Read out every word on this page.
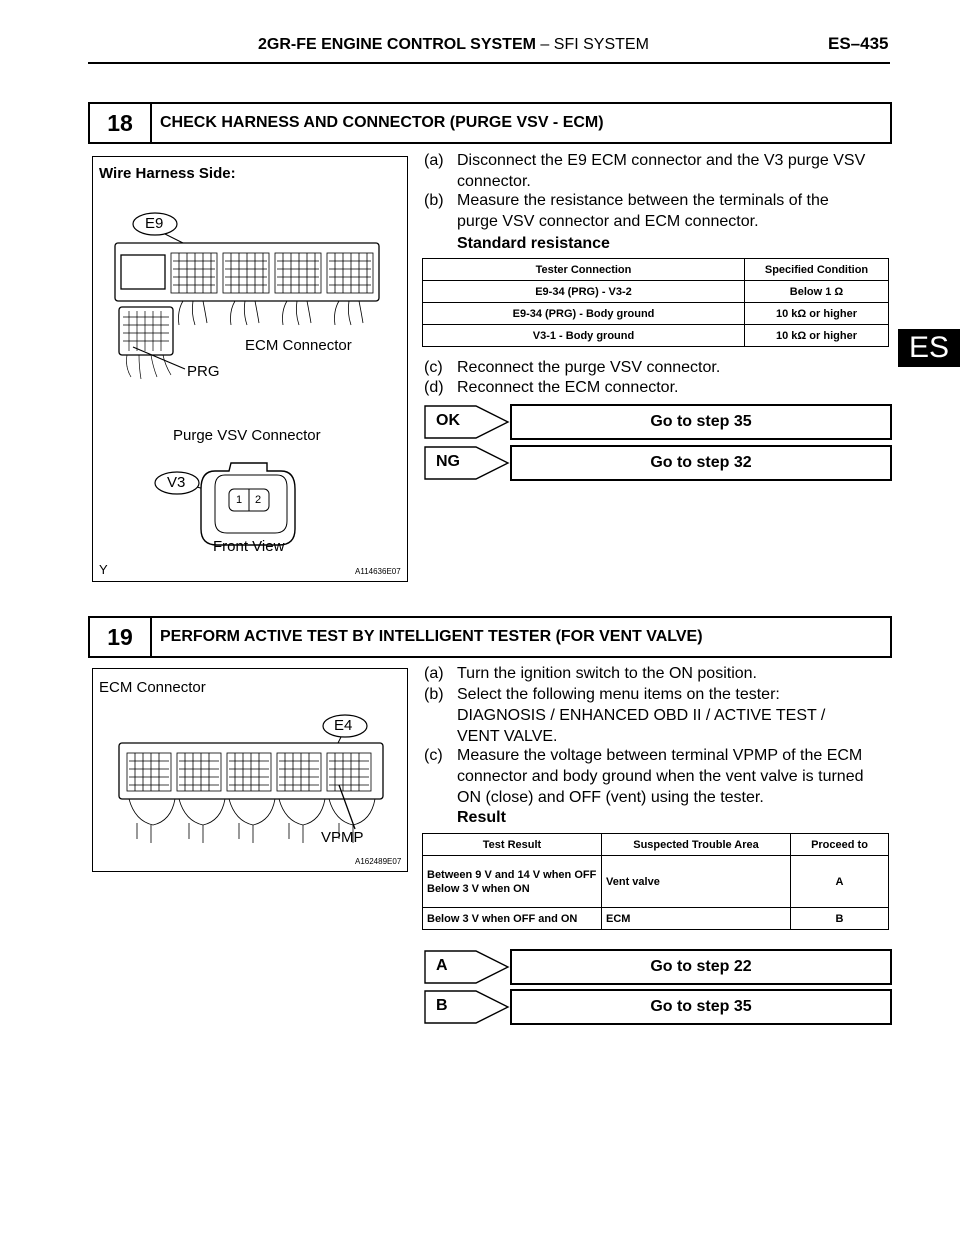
2GR-FE ENGINE CONTROL SYSTEM – SFI SYSTEM	ES–435
ES
18	CHECK HARNESS AND CONNECTOR (PURGE VSV - ECM)
Wire Harness Side:
E9
ECM Connector
PRG
Purge VSV Connector
V3
1 2
Front View
Y	A114636E07
(a) Disconnect the E9 ECM connector and the V3 purge VSV connector.
(b) Measure the resistance between the terminals of the purge VSV connector and ECM connector.
Standard resistance
Tester Connection	Specified Condition
E9-34 (PRG) - V3-2	Below 1 Ω
E9-34 (PRG) - Body ground	10 kΩ or higher
V3-1 - Body ground	10 kΩ or higher
(c) Reconnect the purge VSV connector.
(d) Reconnect the ECM connector.
OK	Go to step 35
NG	Go to step 32
19	PERFORM ACTIVE TEST BY INTELLIGENT TESTER (FOR VENT VALVE)
ECM Connector
E4
VPMP
A162489E07
(a) Turn the ignition switch to the ON position.
(b) Select the following menu items on the tester: DIAGNOSIS / ENHANCED OBD II / ACTIVE TEST / VENT VALVE.
(c) Measure the voltage between terminal VPMP of the ECM connector and body ground when the vent valve is turned ON (close) and OFF (vent) using the tester.
Result
Test Result	Suspected Trouble Area	Proceed to

Between 9 V and 14 V when OFF
Below 3 V when ON	Vent valve	A
Below 3 V when OFF and ON	ECM	B
A	Go to step 22
B	Go to step 35
